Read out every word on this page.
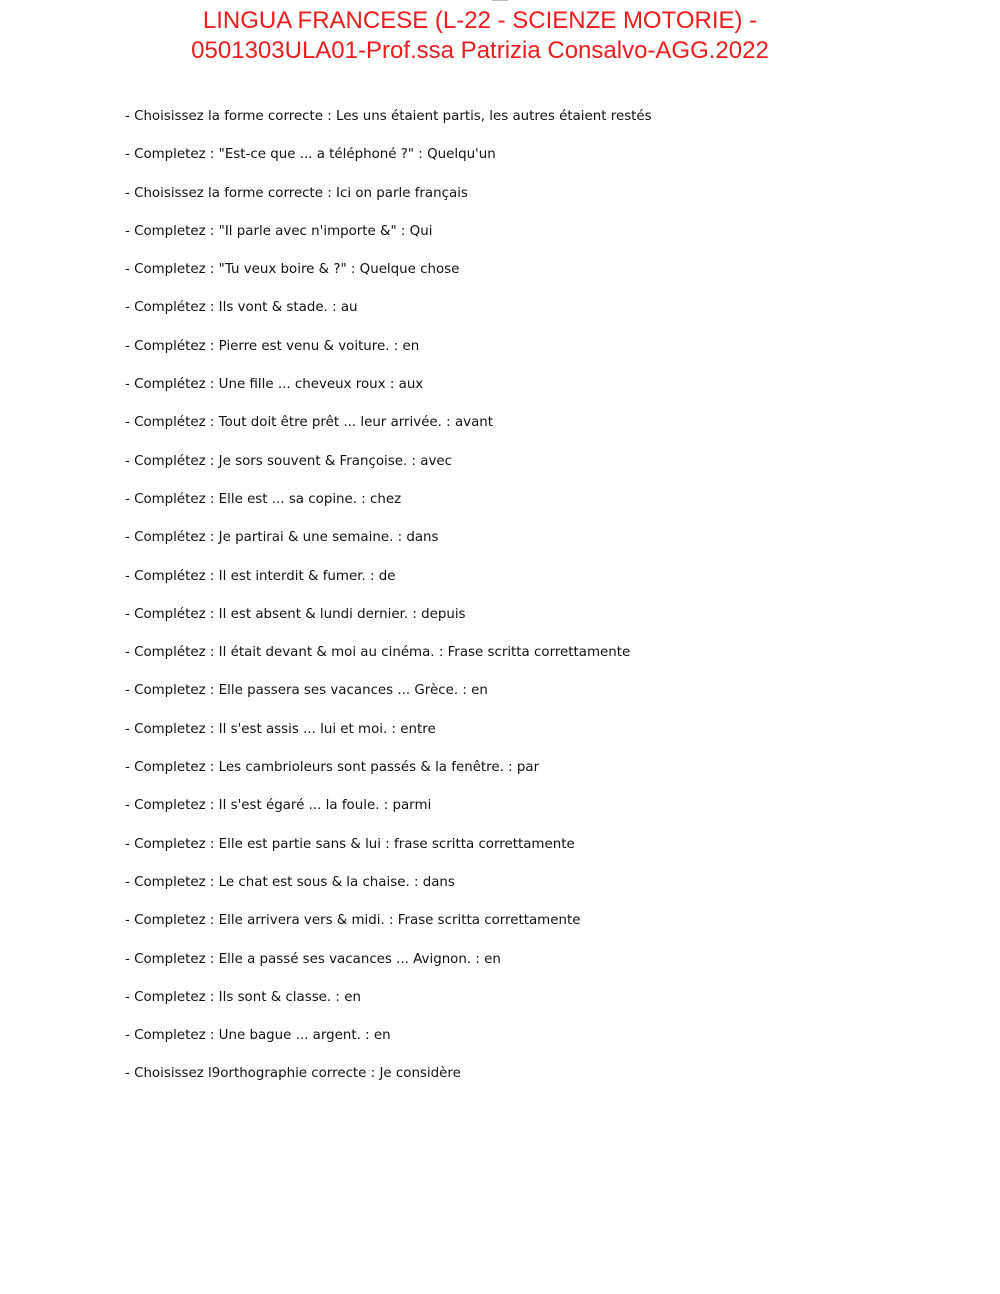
LINGUA FRANCESE (L-22 - SCIENZE MOTORIE) -
0501303ULA01-Prof.ssa Patrizia Consalvo-AGG.2022
- Choisissez la forme correcte : Les uns étaient partis, les autres étaient restés
- Completez : "Est-ce que ... a téléphoné ?" : Quelqu'un
- Choisissez la forme correcte : Ici on parle français
- Completez : "Il parle avec n'importe &" : Qui
- Completez : "Tu veux boire & ?" : Quelque chose
- Complétez : Ils vont & stade. : au
- Complétez : Pierre est venu & voiture. : en
- Complétez : Une fille ... cheveux roux : aux
- Complétez : Tout doit être prêt ... leur arrivée. : avant
- Complétez : Je sors souvent & Françoise. : avec
- Complétez : Elle est ... sa copine. : chez
- Complétez : Je partirai & une semaine. : dans
- Complétez : Il est interdit & fumer. : de
- Complétez : Il est absent & lundi dernier. : depuis
- Complétez : Il était devant & moi au cinéma. : Frase scritta correttamente
- Completez : Elle passera ses vacances ... Grèce. : en
- Completez : Il s'est assis ... lui et moi. : entre
- Completez : Les cambrioleurs sont passés & la fenêtre. : par
- Completez : Il s'est égaré ... la foule. : parmi
- Completez : Elle est partie sans & lui : frase scritta correttamente
- Completez : Le chat est sous & la chaise. : dans
- Completez : Elle arrivera vers & midi. : Frase scritta correttamente
- Completez : Elle a passé ses vacances ... Avignon. : en
- Completez : Ils sont & classe. : en
- Completez : Une bague ... argent. : en
- Choisissez l9orthographie correcte : Je considère
